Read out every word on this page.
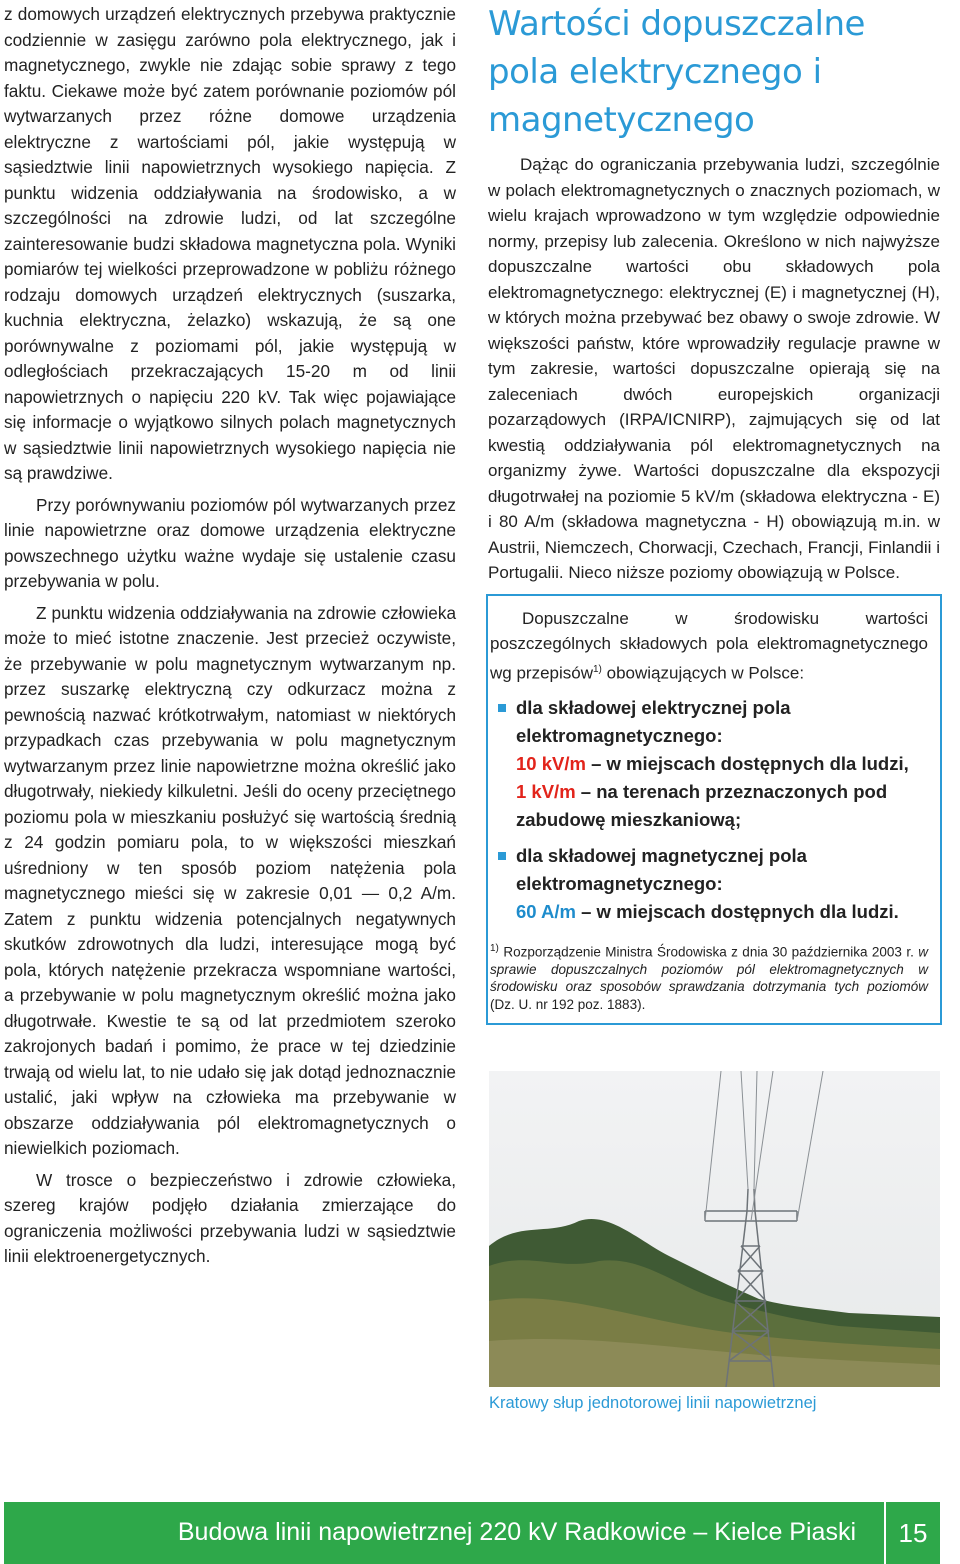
z domowych urządzeń elektrycznych przebywa praktycznie codziennie w zasięgu zarówno pola elektrycznego, jak i magnetycznego, zwykle nie zdając sobie sprawy z tego faktu. Ciekawe może być zatem porównanie poziomów pól wytwarzanych przez różne domowe urządzenia elektryczne z wartościami pól, jakie występują w sąsiedztwie linii napowietrznych wysokiego napięcia. Z punktu widzenia oddziaływania na środowisko, a w szczególności na zdrowie ludzi, od lat szczególne zainteresowanie budzi składowa magnetyczna pola. Wyniki pomiarów tej wielkości przeprowadzone w pobliżu różnego rodzaju domowych urządzeń elektrycznych (suszarka, kuchnia elektryczna, żelazko) wskazują, że są one porównywalne z poziomami pól, jakie występują w odległościach przekraczających 15-20 m od linii napowietrznych o napięciu 220 kV. Tak więc pojawiające się informacje o wyjątkowo silnych polach magnetycznych w sąsiedztwie linii napowietrznych wysokiego napięcia nie są prawdziwe.

Przy porównywaniu poziomów pól wytwarzanych przez linie napowietrzne oraz domowe urządzenia elektryczne powszechnego użytku ważne wydaje się ustalenie czasu przebywania w polu.

Z punktu widzenia oddziaływania na zdrowie człowieka może to mieć istotne znaczenie. Jest przecież oczywiste, że przebywanie w polu magnetycznym wytwarzanym np. przez suszarkę elektryczną czy odkurzacz można z pewnością nazwać krótkotrwałym, natomiast w niektórych przypadkach czas przebywania w polu magnetycznym wytwarzanym przez linie napowietrzne można określić jako długotrwały, niekiedy kilkuletni. Jeśli do oceny przeciętnego poziomu pola w mieszkaniu posłużyć się wartością średnią z 24 godzin pomiaru pola, to w większości mieszkań uśredniony w ten sposób poziom natężenia pola magnetycznego mieści się w zakresie 0,01 — 0,2 A/m. Zatem z punktu widzenia potencjalnych negatywnych skutków zdrowotnych dla ludzi, interesujące mogą być pola, których natężenie przekracza wspomniane wartości, a przebywanie w polu magnetycznym określić można jako długotrwałe. Kwestie te są od lat przedmiotem szeroko zakrojonych badań i pomimo, że prace w tej dziedzinie trwają od wielu lat, to nie udało się jak dotąd jednoznacznie ustalić, jaki wpływ na człowieka ma przebywanie w obszarze oddziaływania pól elektromagnetycznych o niewielkich poziomach.

W trosce o bezpieczeństwo i zdrowie człowieka, szereg krajów podjęło działania zmierzające do ograniczenia możliwości przebywania ludzi w sąsiedztwie linii elektroenergetycznych.

Wartości dopuszczalne pola elektrycznego i magnetycznego

Dążąc do ograniczania przebywania ludzi, szczególnie w polach elektromagnetycznych o znacznych poziomach, w wielu krajach wprowadzono w tym względzie odpowiednie normy, przepisy lub zalecenia. Określono w nich najwyższe dopuszczalne wartości obu składowych pola elektromagnetycznego: elektrycznej (E) i magnetycznej (H), w których można przebywać bez obawy o swoje zdrowie. W większości państw, które wprowadziły regulacje prawne w tym zakresie, wartości dopuszczalne opierają się na zaleceniach dwóch europejskich organizacji pozarządowych (IRPA/ICNIRP), zajmujących się od lat kwestią oddziaływania pól elektromagnetycznych na organizmy żywe. Wartości dopuszczalne dla ekspozycji długotrwałej na poziomie 5 kV/m (składowa elektryczna - E) i 80 A/m (składowa magnetyczna - H) obowiązują m.in. w Austrii, Niemczech, Chorwacji, Czechach, Francji, Finlandii i Portugalii. Nieco niższe poziomy obowiązują w Polsce.

Dopuszczalne w środowisku wartości poszczególnych składowych pola elektromagnetycznego wg przepisów$^{1)}$ obowiązujących w Polsce:

dla składowej elektrycznej pola elektromagnetycznego:
10 kV/m – w miejscach dostępnych dla ludzi,
1 kV/m – na terenach przeznaczonych pod zabudowę mieszkaniową;
dla składowej magnetycznej pola elektromagnetycznego:
60 A/m – w miejscach dostępnych dla ludzi.
$^{1)}$ Rozporządzenie Ministra Środowiska z dnia 30 października 2003 r. w sprawie dopuszczalnych poziomów pól elektromagnetycznych w środowisku oraz sposobów sprawdzania dotrzymania tych poziomów (Dz. U. nr 192 poz. 1883).
Kratowy słup jednotorowej linii napowietrznej
Budowa linii napowietrznej 220 kV Radkowice – Kielce Piaski	15
